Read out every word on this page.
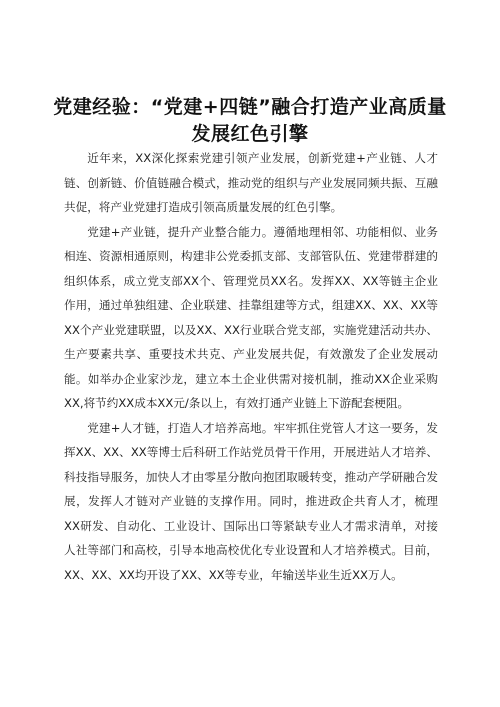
党建经验：“党建+四链”融合打造产业高质量
发展红色引擎

近年来，XX深化探索党建引领产业发展，创新党建+产业链、人才链、创新链、价值链融合模式，推动党的组织与产业发展同频共振、互融共促，将产业党建打造成引领高质量发展的红色引擎。

党建+产业链，提升产业整合能力。遵循地理相邻、功能相似、业务相连、资源相通原则，构建非公党委抓支部、支部管队伍、党建带群建的组织体系，成立党支部XX个、管理党员XX名。发挥XX、XX等链主企业作用，通过单独组建、企业联建、挂靠组建等方式，组建XX、XX、XX等XX个产业党建联盟，以及XX、XX行业联合党支部，实施党建活动共办、生产要素共享、重要技术共克、产业发展共促，有效激发了企业发展动能。如举办企业家沙龙，建立本土企业供需对接机制，推动XX企业采购XX,将节约XX成本XX元/条以上，有效打通产业链上下游配套梗阻。

党建+人才链，打造人才培养高地。牢牢抓住党管人才这一要务，发挥XX、XX、XX等博士后科研工作站党员骨干作用，开展进站人才培养、科技指导服务，加快人才由零星分散向抱团取暖转变，推动产学研融合发展，发挥人才链对产业链的支撑作用。同时，推进政企共育人才，梳理XX研发、自动化、工业设计、国际出口等紧缺专业人才需求清单，对接人社等部门和高校，引导本地高校优化专业设置和人才培养模式。目前，XX、XX、XX均开设了XX、XX等专业，年输送毕业生近XX万人。
